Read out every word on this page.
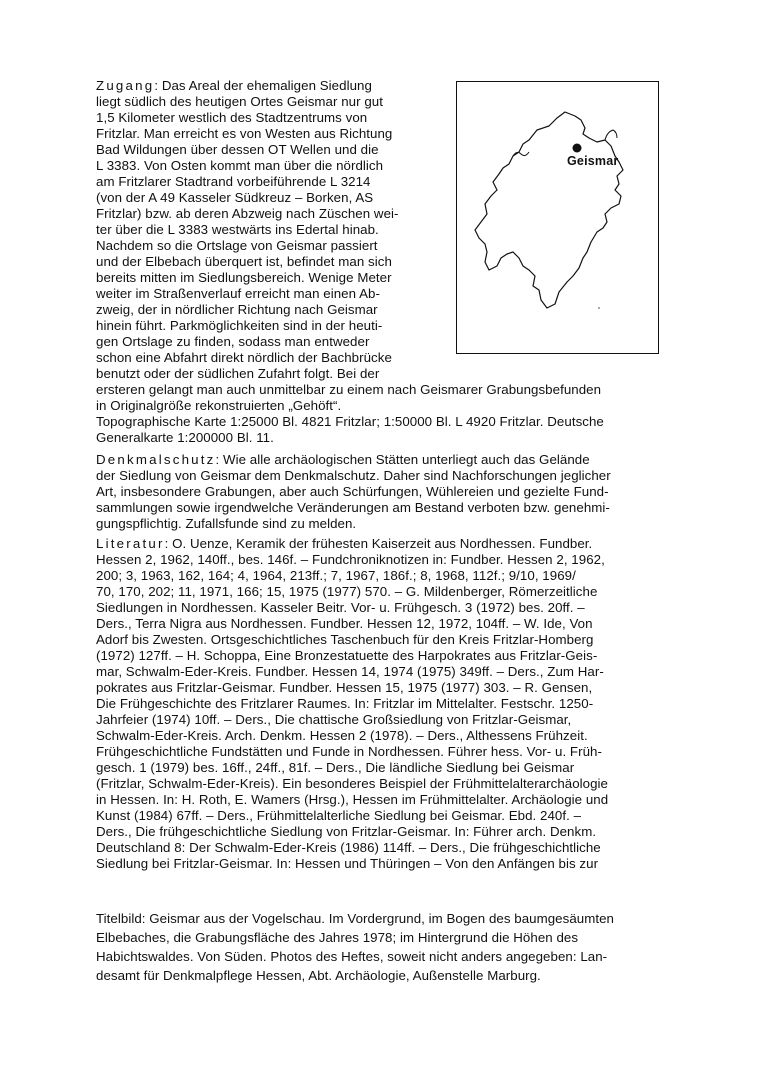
Zugang: Das Areal der ehemaligen Siedlung
liegt südlich des heutigen Ortes Geismar nur gut
1,5 Kilometer westlich des Stadtzentrums von
Fritzlar. Man erreicht es von Westen aus Richtung
Bad Wildungen über dessen OT Wellen und die
L 3383. Von Osten kommt man über die nördlich
am Fritzlarer Stadtrand vorbeiführende L 3214
(von der A 49 Kasseler Südkreuz – Borken, AS
Fritzlar) bzw. ab deren Abzweig nach Züschen wei-
ter über die L 3383 westwärts ins Edertal hinab.
Nachdem so die Ortslage von Geismar passiert
und der Elbebach überquert ist, befindet man sich
bereits mitten im Siedlungsbereich. Wenige Meter
weiter im Straßenverlauf erreicht man einen Ab-
zweig, der in nördlicher Richtung nach Geismar
hinein führt. Parkmöglichkeiten sind in der heuti-
gen Ortslage zu finden, sodass man entweder
schon eine Abfahrt direkt nördlich der Bachbrücke
benutzt oder der südlichen Zufahrt folgt. Bei der
ersteren gelangt man auch unmittelbar zu einem nach Geismarer Grabungsbefunden
in Originalgröße rekonstruierten „Gehöft“.
Topographische Karte 1:25000 Bl. 4821 Fritzlar; 1:50000 Bl. L 4920 Fritzlar. Deutsche
Generalkarte 1:200000 Bl. 11.
Geismar
Denkmalschutz: Wie alle archäologischen Stätten unterliegt auch das Gelände
der Siedlung von Geismar dem Denkmalschutz. Daher sind Nachforschungen jeglicher
Art, insbesondere Grabungen, aber auch Schürfungen, Wühlereien und gezielte Fund-
sammlungen sowie irgendwelche Veränderungen am Bestand verboten bzw. genehmi-
gungspflichtig. Zufallsfunde sind zu melden.
Literatur: O. Uenze, Keramik der frühesten Kaiserzeit aus Nordhessen. Fundber.
Hessen 2, 1962, 140ff., bes. 146f. – Fundchroniknotizen in: Fundber. Hessen 2, 1962,
200; 3, 1963, 162, 164; 4, 1964, 213ff.; 7, 1967, 186f.; 8, 1968, 112f.; 9/10, 1969/
70, 170, 202; 11, 1971, 166; 15, 1975 (1977) 570. – G. Mildenberger, Römerzeitliche
Siedlungen in Nordhessen. Kasseler Beitr. Vor- u. Frühgesch. 3 (1972) bes. 20ff. –
Ders., Terra Nigra aus Nordhessen. Fundber. Hessen 12, 1972, 104ff. – W. Ide, Von
Adorf bis Zwesten. Ortsgeschichtliches Taschenbuch für den Kreis Fritzlar-Homberg
(1972) 127ff. – H. Schoppa, Eine Bronzestatuette des Harpokrates aus Fritzlar-Geis-
mar, Schwalm-Eder-Kreis. Fundber. Hessen 14, 1974 (1975) 349ff. – Ders., Zum Har-
pokrates aus Fritzlar-Geismar. Fundber. Hessen 15, 1975 (1977) 303. – R. Gensen,
Die Frühgeschichte des Fritzlarer Raumes. In: Fritzlar im Mittelalter. Festschr. 1250-
Jahrfeier (1974) 10ff. – Ders., Die chattische Großsiedlung von Fritzlar-Geismar,
Schwalm-Eder-Kreis. Arch. Denkm. Hessen 2 (1978). – Ders., Althessens Frühzeit.
Frühgeschichtliche Fundstätten und Funde in Nordhessen. Führer hess. Vor- u. Früh-
gesch. 1 (1979) bes. 16ff., 24ff., 81f. – Ders., Die ländliche Siedlung bei Geismar
(Fritzlar, Schwalm-Eder-Kreis). Ein besonderes Beispiel der Frühmittelalterarchäologie
in Hessen. In: H. Roth, E. Wamers (Hrsg.), Hessen im Frühmittelalter. Archäologie und
Kunst (1984) 67ff. – Ders., Frühmittelalterliche Siedlung bei Geismar. Ebd. 240f. –
Ders., Die frühgeschichtliche Siedlung von Fritzlar-Geismar. In: Führer arch. Denkm.
Deutschland 8: Der Schwalm-Eder-Kreis (1986) 114ff. – Ders., Die frühgeschichtliche
Siedlung bei Fritzlar-Geismar. In: Hessen und Thüringen – Von den Anfängen bis zur
Titelbild: Geismar aus der Vogelschau. Im Vordergrund, im Bogen des baumgesäumten
Elbebaches, die Grabungsfläche des Jahres 1978; im Hintergrund die Höhen des
Habichtswaldes. Von Süden. Photos des Heftes, soweit nicht anders angegeben: Lan-
desamt für Denkmalpflege Hessen, Abt. Archäologie, Außenstelle Marburg.
